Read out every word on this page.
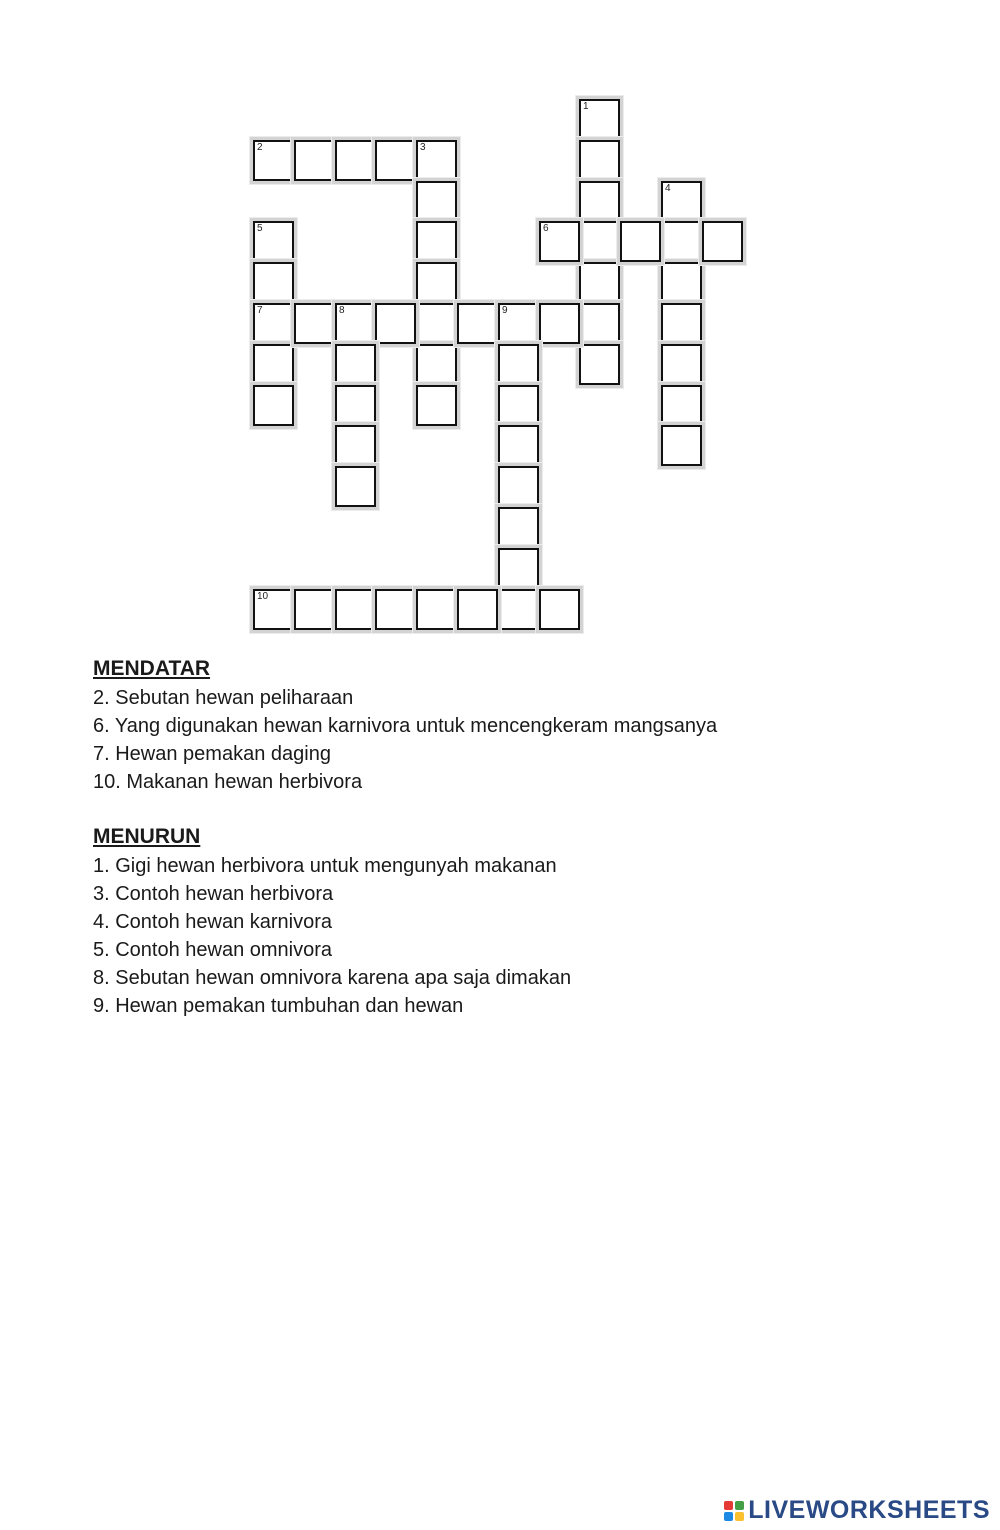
1
2	3
4
5
7
6
8	9
10
MENDATAR

2. Sebutan hewan peliharaan

6. Yang digunakan hewan karnivora untuk mencengkeram mangsanya

7. Hewan pemakan daging

10. Makanan hewan herbivora

MENURUN

1. Gigi hewan herbivora untuk mengunyah makanan

3. Contoh hewan herbivora

4. Contoh hewan karnivora

5. Contoh hewan omnivora

8. Sebutan hewan omnivora karena apa saja dimakan

9. Hewan pemakan tumbuhan dan hewan

LIVEWORKSHEETS
